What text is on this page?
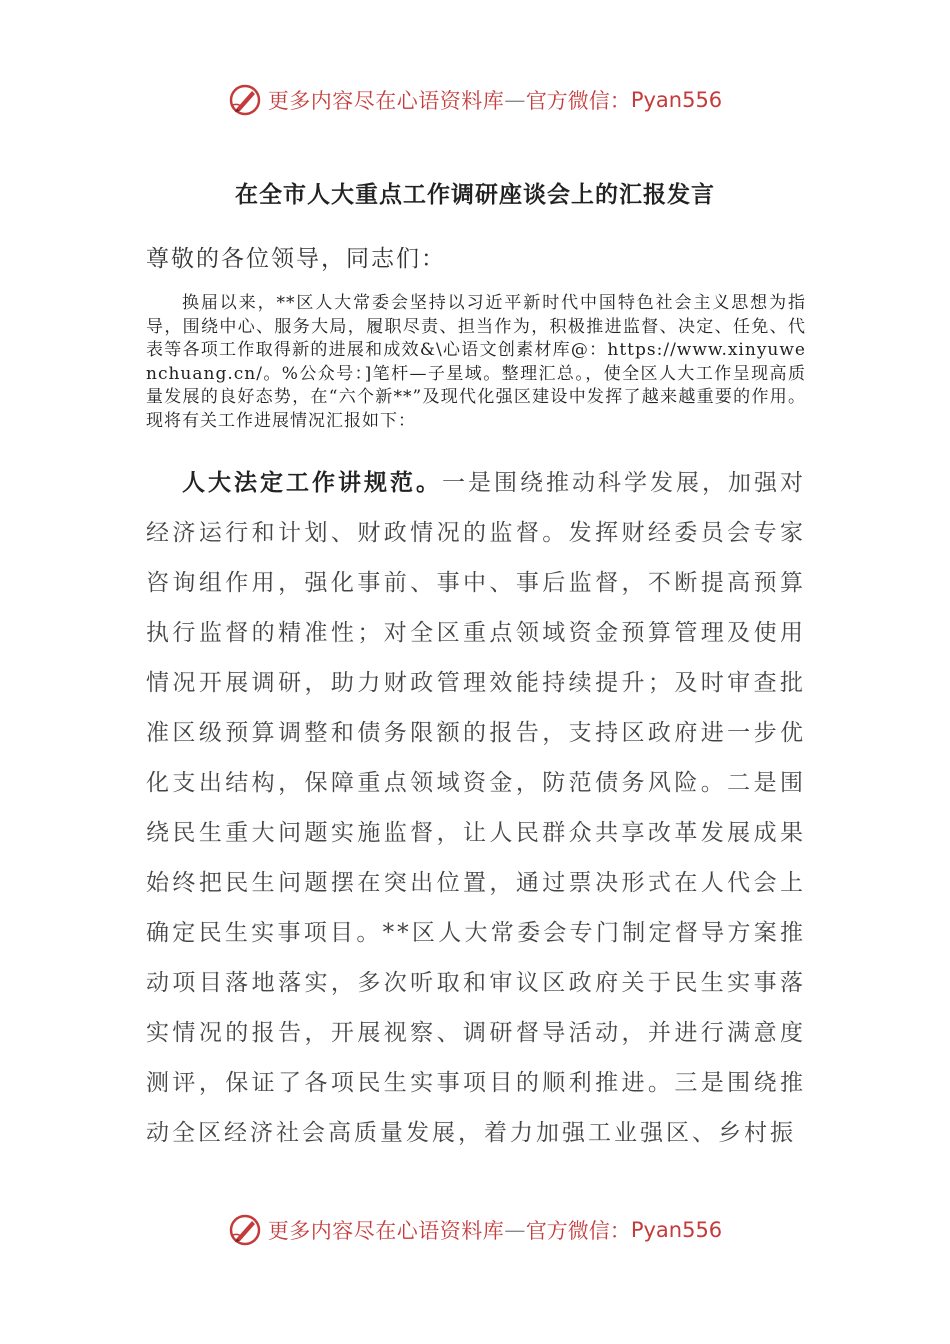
更多内容尽在心语资料库 — 官方微信： Pyan556
在全市人大重点工作调研座谈会上的汇报发言
尊敬的各位领导，同志们：
换届以来，**区人大常委会坚持以习近平新时代中国特色社会主义思想为指导，围绕中心、服务大局，履职尽责、担当作为，积极推进监督、决定、任免、代表等各项工作取得新的进展和成效&\心语文创素材库@：https://www.xinyuwenchuang.cn/。%公众号：]笔杆—子星域。整理汇总。，使全区人大工作呈现高质量发展的良好态势，在“六个新**”及现代化强区建设中发挥了越来越重要的作用。现将有关工作进展情况汇报如下：
人大法定工作讲规范。一是围绕推动科学发展，加强对经济运行和计划、财政情况的监督。发挥财经委员会专家咨询组作用，强化事前、事中、事后监督，不断提高预算执行监督的精准性；对全区重点领域资金预算管理及使用情况开展调研，助力财政管理效能持续提升；及时审查批准区级预算调整和债务限额的报告，支持区政府进一步优化支出结构，保障重点领域资金，防范债务风险。二是围绕民生重大问题实施监督，让人民群众共享改革发展成果始终把民生问题摆在突出位置，通过票决形式在人代会上确定民生实事项目。**区人大常委会专门制定督导方案推动项目落地落实，多次听取和审议区政府关于民生实事落实情况的报告，开展视察、调研督导活动，并进行满意度测评，保证了各项民生实事项目的顺利推进。三是围绕推动全区经济社会高质量发展，着力加强工业强区、乡村振
更多内容尽在心语资料库 — 官方微信： Pyan556
